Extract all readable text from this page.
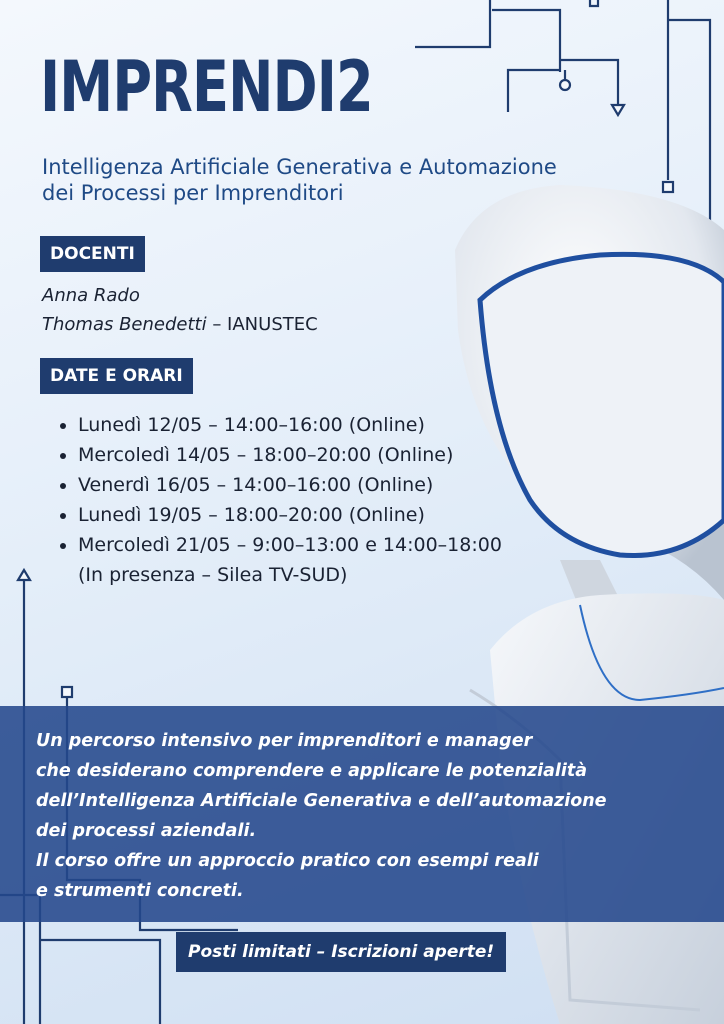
IMPRENDI2
Intelligenza Artificiale Generativa e Automazione
dei Processi per Imprenditori
DOCENTI
Anna Rado
Thomas Benedetti – IANUSTEC
DATE E ORARI
• Lunedì 12/05 – 14:00–16:00 (Online)
• Mercoledì 14/05 – 18:00–20:00 (Online)
• Venerdì 16/05 – 14:00–16:00 (Online)
• Lunedì 19/05 – 18:00–20:00 (Online)
• Mercoledì 21/05 – 9:00–13:00 e 14:00–18:00 (In presenza – Silea TV-SUD)
Un percorso intensivo per imprenditori e manager
che desiderano comprendere e applicare le potenzialità
dell’Intelligenza Artificiale Generativa e dell’automazione
dei processi aziendali.
Il corso offre un approccio pratico con esempi reali
e strumenti concreti.
Posti limitati – Iscrizioni aperte!
